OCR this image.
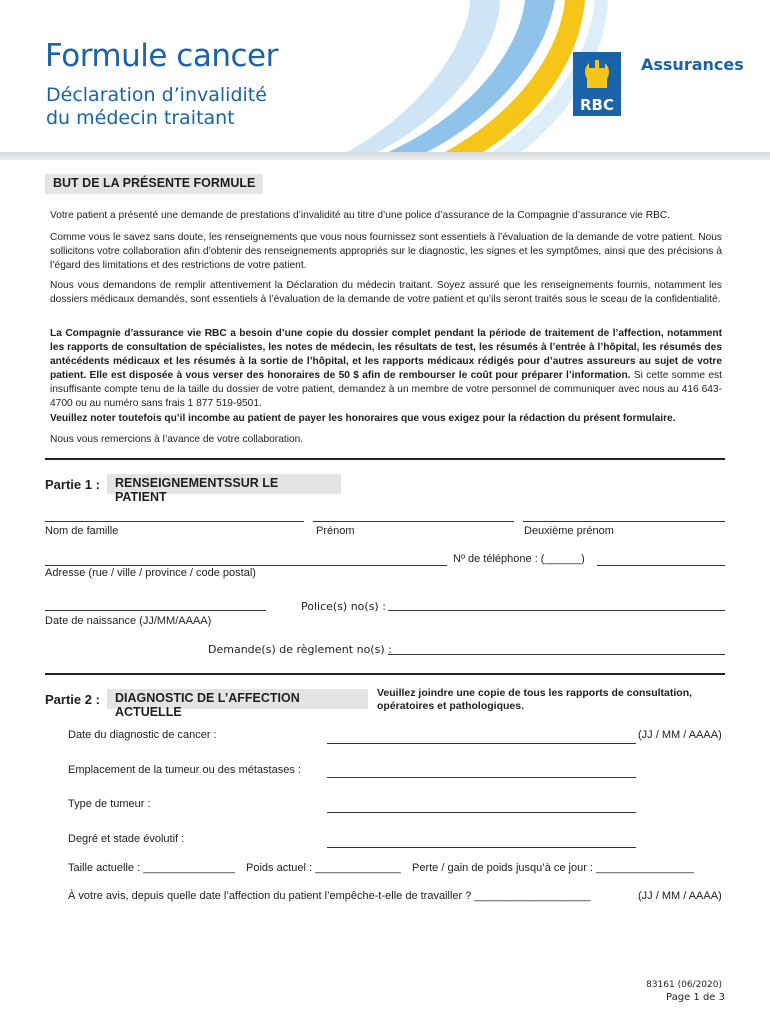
Formule cancer
Déclaration d’invalidité
du médecin traitant
RBC
Assurances
BUT DE LA PRÉSENTE FORMULE
Votre patient a présenté une demande de prestations d’invalidité au titre d’une police d’assurance de la Compagnie d’assurance vie RBC.
Comme vous le savez sans doute, les renseignements que vous nous fournissez sont essentiels à l’évaluation de la demande de votre patient. Nous sollicitons votre collaboration afin d’obtenir des renseignements appropriés sur le diagnostic, les signes et les symptômes, ainsi que des précisions à l’égard des limitations et des restrictions de votre patient.
Nous vous demandons de remplir attentivement la Déclaration du médecin traitant. Soyez assuré que les renseignements fournis, notamment les dossiers médicaux demandés, sont essentiels à l’évaluation de la demande de votre patient et qu’ils seront traités sous le sceau de la confidentialité.
La Compagnie d’assurance vie RBC a besoin d’une copie du dossier complet pendant la période de traitement de l’affection, notamment les rapports de consultation de spécialistes, les notes de médecin, les résultats de test, les résumés à l’entrée à l’hôpital, les résumés des antécédents médicaux et les résumés à la sortie de l’hôpital, et les rapports médicaux rédigés pour d’autres assureurs au sujet de votre patient. Elle est disposée à vous verser des honoraires de 50 $ afin de rembourser le coût pour préparer l’information. Si cette somme est insuffisante compte tenu de la taille du dossier de votre patient, demandez à un membre de votre personnel de communiquer avec nous au 416 643-4700 ou au numéro sans frais 1 877 519-9501.
Veuillez noter toutefois qu’il incombe au patient de payer les honoraires que vous exigez pour la rédaction du présent formulaire.
Nous vous remercions à l’avance de votre collaboration.
Partie 1 :	RENSEIGNEMENTSSUR LE PATIENT
Nom de famille	Prénom	Deuxième prénom
Nº de téléphone : (______)
Adresse (rue / ville / province / code postal)
Police(s) no(s) :
Date de naissance (JJ/MM/AAAA)
Demande(s) de règlement no(s) :
Partie 2 :	DIAGNOSTIC DE L’AFFECTION ACTUELLE
Veuillez joindre une copie de tous les rapports de consultation, opératoires et pathologiques.
Date du diagnostic de cancer :	(JJ / MM / AAAA)
Emplacement de la tumeur ou des métastases :
Type de tumeur :
Degré et stade évolutif :
Taille actuelle : _______________ Poids actuel : ______________ Perte / gain de poids jusqu’à ce jour : ________________
À votre avis, depuis quelle date l’affection du patient l’empêche-t-elle de travailler ? ___________________	(JJ / MM / AAAA)
83161 (06/2020)
Page 1 de 3
